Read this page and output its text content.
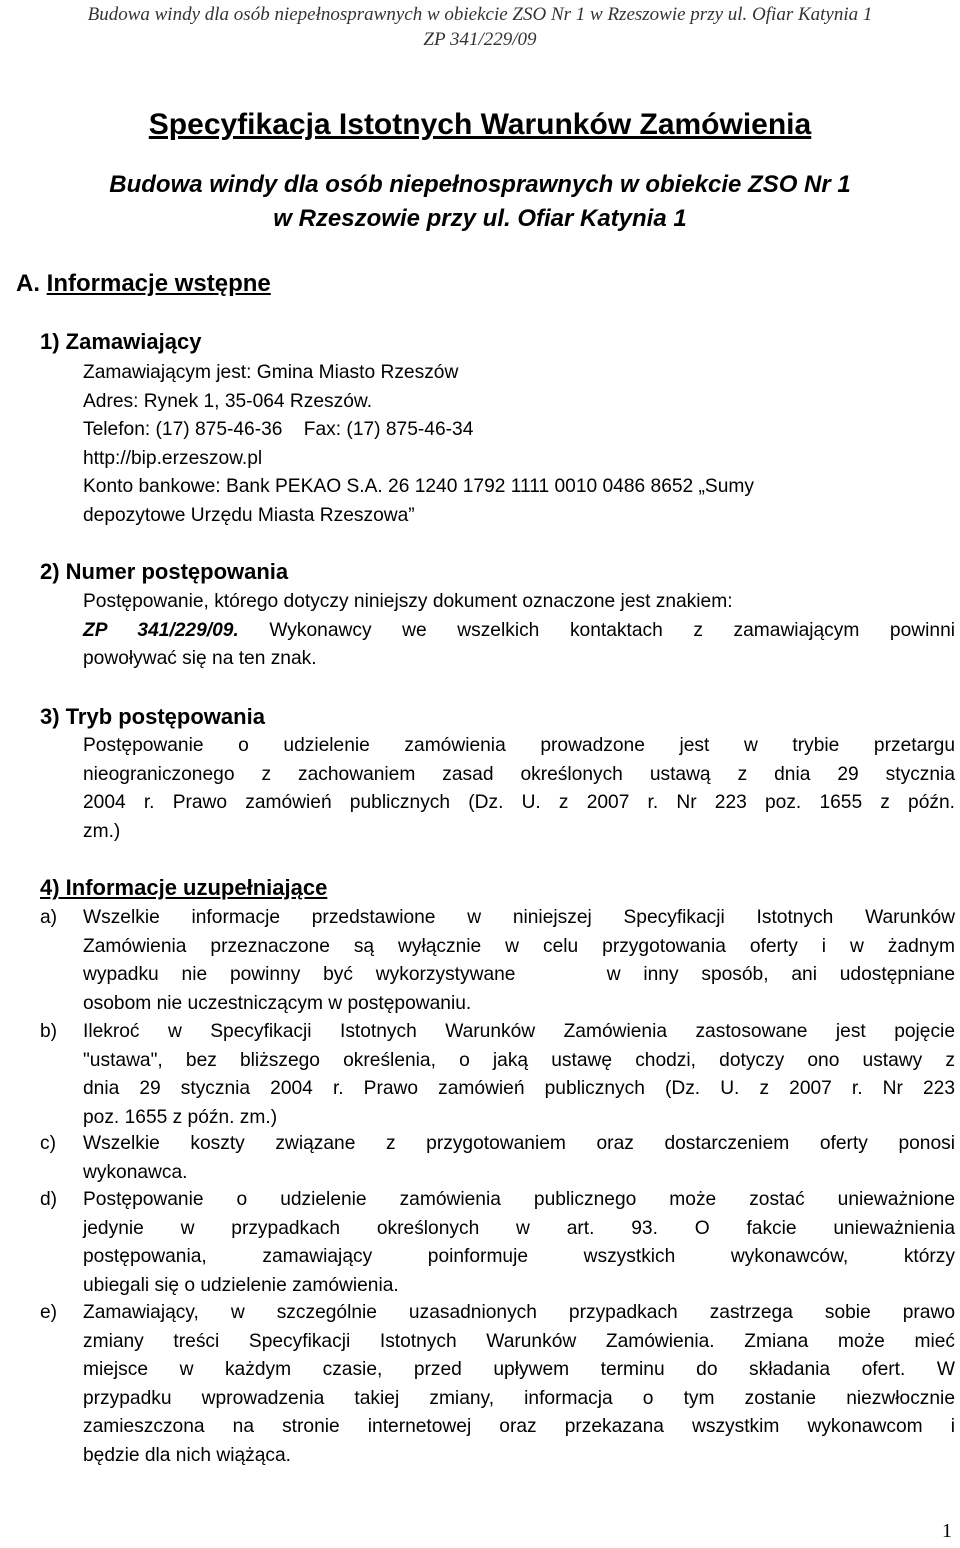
Budowa windy dla osób niepełnosprawnych w obiekcie ZSO Nr 1 w Rzeszowie przy ul. Ofiar Katynia 1
ZP 341/229/09
Specyfikacja Istotnych Warunków Zamówienia
Budowa windy dla osób niepełnosprawnych w obiekcie ZSO Nr 1
w Rzeszowie przy ul. Ofiar Katynia 1
A. Informacje wstępne
1) Zamawiający
Zamawiającym jest: Gmina Miasto Rzeszów
Adres: Rynek 1, 35-064 Rzeszów.
Telefon: (17) 875-46-36    Fax: (17) 875-46-34
http://bip.erzeszow.pl
Konto bankowe: Bank PEKAO S.A. 26 1240 1792 1111 0010 0486 8652 „Sumy
depozytowe Urzędu Miasta Rzeszowa”
2) Numer postępowania
Postępowanie, którego dotyczy niniejszy dokument oznaczone jest znakiem:
ZP 341/229/09. Wykonawcy we wszelkich kontaktach z zamawiającym powinni
powoływać się na ten znak.
3) Tryb postępowania
Postępowanie o udzielenie zamówienia prowadzone jest w trybie przetargu
nieograniczonego z zachowaniem zasad określonych ustawą z dnia 29 stycznia
2004 r. Prawo zamówień publicznych (Dz. U. z 2007 r. Nr 223 poz. 1655 z późn.
zm.)
4) Informacje uzupełniające
a) Wszelkie informacje przedstawione w niniejszej Specyfikacji Istotnych Warunków
Zamówienia przeznaczone są wyłącznie w celu przygotowania oferty i w żadnym
wypadku nie powinny być wykorzystywane    w inny sposób, ani udostępniane
osobom nie uczestniczącym w postępowaniu.
b) Ilekroć w Specyfikacji Istotnych Warunków Zamówienia zastosowane jest pojęcie
"ustawa", bez bliższego określenia, o jaką ustawę chodzi, dotyczy ono ustawy z
dnia 29 stycznia 2004 r. Prawo zamówień publicznych (Dz. U. z 2007 r. Nr 223
poz. 1655 z późn. zm.)
c) Wszelkie koszty związane z przygotowaniem oraz dostarczeniem oferty ponosi
wykonawca.
d) Postępowanie o udzielenie zamówienia publicznego może zostać unieważnione
jedynie w przypadkach określonych w art. 93. O fakcie unieważnienia
postępowania, zamawiający poinformuje wszystkich wykonawców, którzy
ubiegali się o udzielenie zamówienia.
e) Zamawiający, w szczególnie uzasadnionych przypadkach zastrzega sobie prawo
zmiany treści Specyfikacji Istotnych Warunków Zamówienia. Zmiana może mieć
miejsce w każdym czasie, przed upływem terminu do składania ofert. W
przypadku wprowadzenia takiej zmiany, informacja o tym zostanie niezwłocznie
zamieszczona na stronie internetowej oraz przekazana wszystkim wykonawcom i
będzie dla nich wiążąca.
1
